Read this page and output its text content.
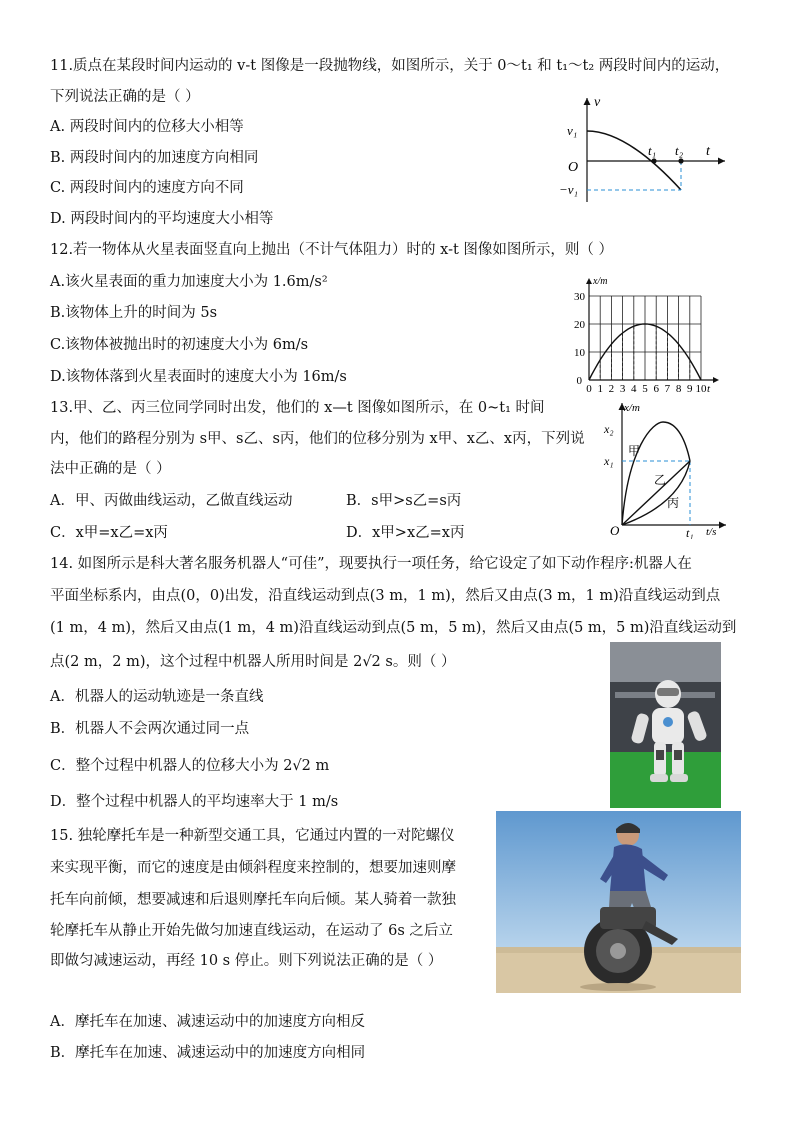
11.质点在某段时间内运动的 v-t 图像是一段抛物线，如图所示，关于 0～t₁ 和 t₁～t₂ 两段时间内的运动，
下列说法正确的是（ ）
A. 两段时间内的位移大小相等
B. 两段时间内的加速度方向相同
C. 两段时间内的速度方向不同
D. 两段时间内的平均速度大小相等
v
v₁
O
t₁ t₂ t
−v₁
12.若一物体从火星表面竖直向上抛出（不计气体阻力）时的 x-t 图像如图所示，则（ ）
A.该火星表面的重力加速度大小为 1.6m/s²
B.该物体上升的时间为 5s
C.该物体被抛出时的初速度大小为 6m/s
D.该物体落到火星表面时的速度大小为 16m/s
0 1 2 3 4 5 6 7 8 9 10
10
20
30
0
x/m
t
13.甲、乙、丙三位同学同时出发，他们的 x—t 图像如图所示，在 0~t₁ 时间
内，他们的路程分别为 s甲、s乙、s丙，他们的位移分别为 x甲、x乙、x丙，下列说
法中正确的是（ ）
A．甲、丙做曲线运动，乙做直线运动	B．s甲>s乙=s丙
C．x甲=x乙=x丙	D．x甲>x乙=x丙
x/m
x₂
x₁
O	t₁ t/s
甲
乙
丙
14. 如图所示是科大著名服务机器人“可佳”，现要执行一项任务，给它设定了如下动作程序:机器人在
平面坐标系内，由点(0，0)出发，沿直线运动到点(3 m，1 m)，然后又由点(3 m，1 m)沿直线运动到点
(1 m，4 m)，然后又由点(1 m，4 m)沿直线运动到点(5 m，5 m)，然后又由点(5 m，5 m)沿直线运动到
点(2 m，2 m)，这个过程中机器人所用时间是 2√2 s。则（ ）
A．机器人的运动轨迹是一条直线
B．机器人不会两次通过同一点
C．整个过程中机器人的位移大小为 2√2 m
D．整个过程中机器人的平均速率大于 1 m/s
15. 独轮摩托车是一种新型交通工具，它通过内置的一对陀螺仪
来实现平衡，而它的速度是由倾斜程度来控制的，想要加速则摩
托车向前倾，想要减速和后退则摩托车向后倾。某人骑着一款独
轮摩托车从静止开始先做匀加速直线运动，在运动了 6s 之后立
即做匀减速运动，再经 10 s 停止。则下列说法正确的是（ ）
A．摩托车在加速、减速运动中的加速度方向相反
B．摩托车在加速、减速运动中的加速度方向相同
